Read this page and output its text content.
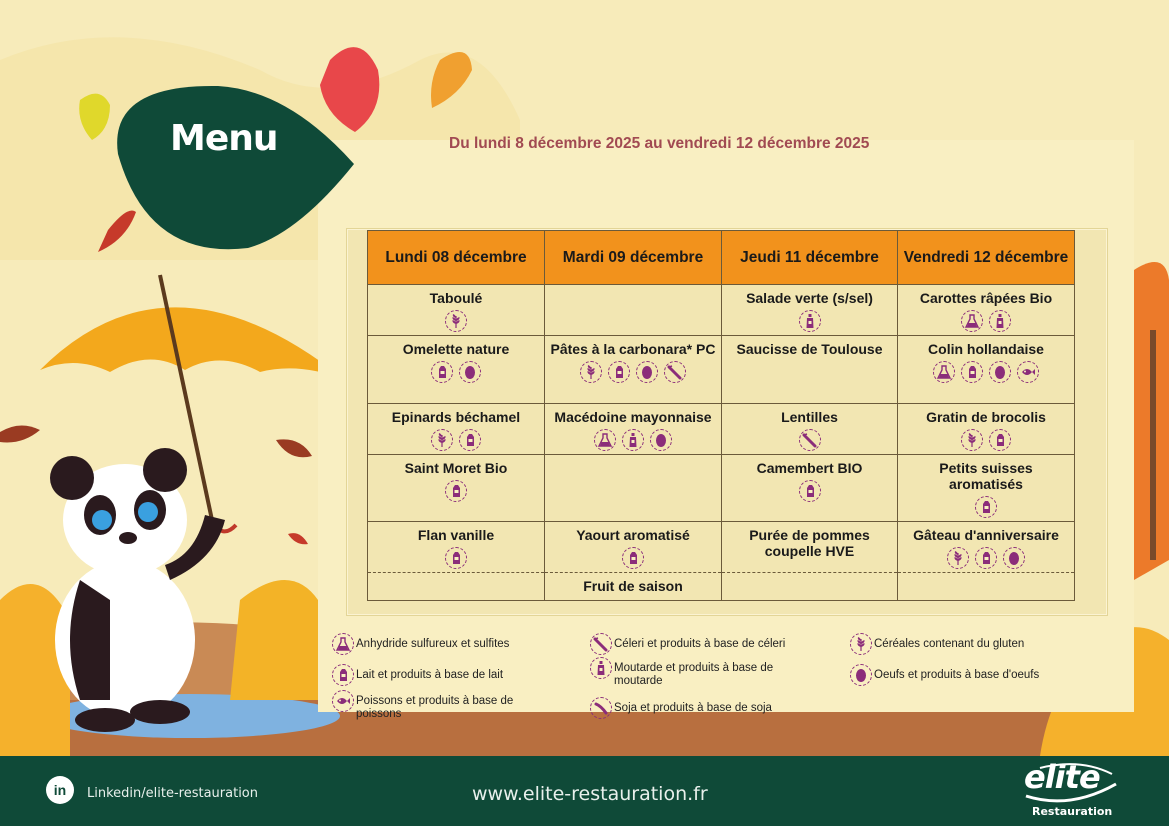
Menu	Du lundi 8 décembre 2025 au vendredi 12 décembre 2025
Lundi 08 décembre	Mardi 09 décembre	Jeudi 11 décembre	Vendredi 12 décembre

Taboulé		Salade verte (s/sel)	Carottes râpées Bio

Omelette nature	Pâtes à la carbonara* PC	Saucisse de Toulouse	Colin hollandaise

Epinards béchamel	Macédoine mayonnaise	Lentilles	Gratin de brocolis

Saint Moret Bio		Camembert BIO	Petits suisses aromatisés

Flan vanille	Yaourt aromatisé	Purée de pommes coupelle HVE	Gâteau d'anniversaire

	Fruit de saison		

Anhydride sulfureux et sulfites	Céleri et produits à base de céleri	Céréales contenant du gluten
Lait et produits à base de lait
Moutarde et produits à base de moutarde	Oeufs et produits à base d'oeufs
Poissons et produits à base de poissons	Soja et produits à base de soja
in	Linkedin/elite-restauration	www.elite-restauration.fr	elite
Restauration
